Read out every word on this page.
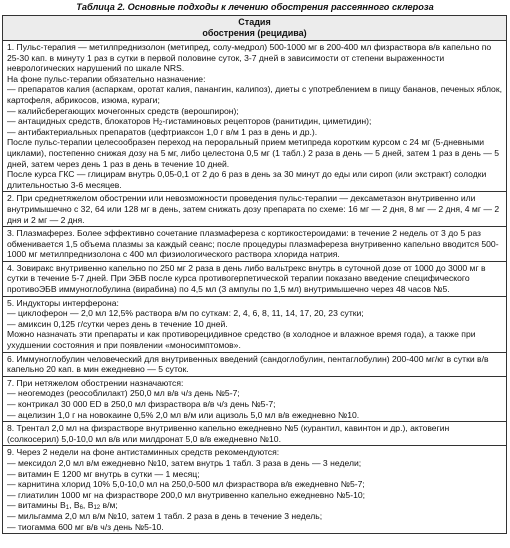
Таблица 2. Основные подходы к лечению обострения рассеянного склероза
Стадия
обострения (рецидива)

1. Пульс-терапия — метилпреднизолон (метипред, солу-медрол) 500-1000 мг в 200-400 мл физраствора в/в капельно по 25-30 кап. в минуту 1 раз в сутки в первой половине суток, 3-7 дней в зависимости от степени выраженности неврологических нарушений по шкале NRS.
На фоне пульс-терапии обязательно назначение:
— препаратов калия (аспаркам, оротат калия, панангин, калипоз), диеты с употреблением в пищу бананов, печеных яблок, картофеля, абрикосов, изюма, кураги;
— калийсберегающих мочегонных средств (верошпирон);
— антацидных средств, блокаторов $H_2$-гистаминовых рецепторов (ранитидин, циметидин);
— антибактериальных препаратов (цефтриаксон 1,0 г в/м 1 раз в день и др.).
После пульс-терапии целесообразен переход на пероральный прием метипреда коротким курсом с 24 мг (5-дневными циклами), постепенно снижая дозу на 5 мг, либо целестона 0,5 мг (1 табл.) 2 раза в день — 5 дней, затем 1 раз в день — 5 дней, затем через день 1 раз в день в течение 10 дней.
После курса ГКС — глицирам внутрь 0,05-0,1 от 2 до 6 раз в день за 30 минут до еды или сироп (или экстракт) солодки длительностью 3-6 месяцев.

2. При среднетяжелом обострении или невозможности проведения пульс-терапии — дексаметазон внутривенно или внутримышечно с 32, 64 или 128 мг в день, затем снижать дозу препарата по схеме: 16 мг — 2 дня, 8 мг — 2 дня, 4 мг — 2 дня и 2 мг — 2 дня.

3. Плазмаферез. Более эффективно сочетание плазмафереза с кортикостероидами: в течение 2 недель от 3 до 5 раз обменивается 1,5 объема плазмы за каждый сеанс; после процедуры плазмафереза внутривенно капельно вводится 500-1000 мг метилпреднизолона с 400 мл физиологического раствора хлорида натрия.

4. Зовиракс внутривенно капельно по 250 мг 2 раза в день либо вальтрекс внутрь в суточной дозе от 1000 до 3000 мг в сутки в течение 5-7 дней. При ЭБВ после курса противогерпетической терапии показано введение специфического противоЭБВ иммуноглобулина (вирабина) по 4,5 мл (3 ампулы по 1,5 мл) внутримышечно через 48 часов №5.

5. Индукторы интерферона:
— циклоферон — 2,0 мл 12,5% раствора в/м по суткам: 2, 4, 6, 8, 11, 14, 17, 20, 23 сутки;
— амиксин 0,125 г/сутки через день в течение 10 дней.
Можно назначать эти препараты и как противорецидивное средство (в холодное и влажное время года), а также при ухудшении состояния и при появлении «моносимптомов».

6. Иммуноглобулин человеческий для внутривенных введений (сандоглобулин, пентаглобулин) 200-400 мг/кг в сутки в/в капельно 20 кап. в мин ежедневно — 5 суток.

7. При нетяжелом обострении назначаются:
— неогемодез (реособлилакт) 250,0 мл в/в ч/з день №5-7;
— контрикал 30 000 ED в 250,0 мл физраствора в/в ч/з день №5-7;
— ацелизин 1,0 г на новокаине 0,5% 2,0 мл в/м или ацизоль 5,0 мл в/в ежедневно №10.

8. Трентал 2,0 мл на физрастворе внутривенно капельно ежедневно №5 (курантил, кавинтон и др.), актовегин (солкосерил) 5,0-10,0 мл в/в или милдронат 5,0 в/в ежедневно №10.

9. Через 2 недели на фоне антистаминных средств рекомендуются:
— мексидол 2,0 мл в/м ежедневно №10, затем внутрь 1 табл. 3 раза в день — 3 недели;
— витамин Е 1200 мг внутрь в сутки — 1 месяц;
— карнитина хлорид 10% 5,0-10,0 мл на 250,0-500 мл физраствора в/в ежедневно №5-7;
— глиатилин 1000 мг на физрастворе 200,0 мл внутривенно капельно ежедневно №5-10;
— витамины $B_1$, $B_6$, $B_{12}$ в/м;
— мильгамма 2,0 мл в/м №10, затем 1 табл. 2 раза в день в течение 3 недель;
— тиогамма 600 мг в/в ч/з день №5-10.
